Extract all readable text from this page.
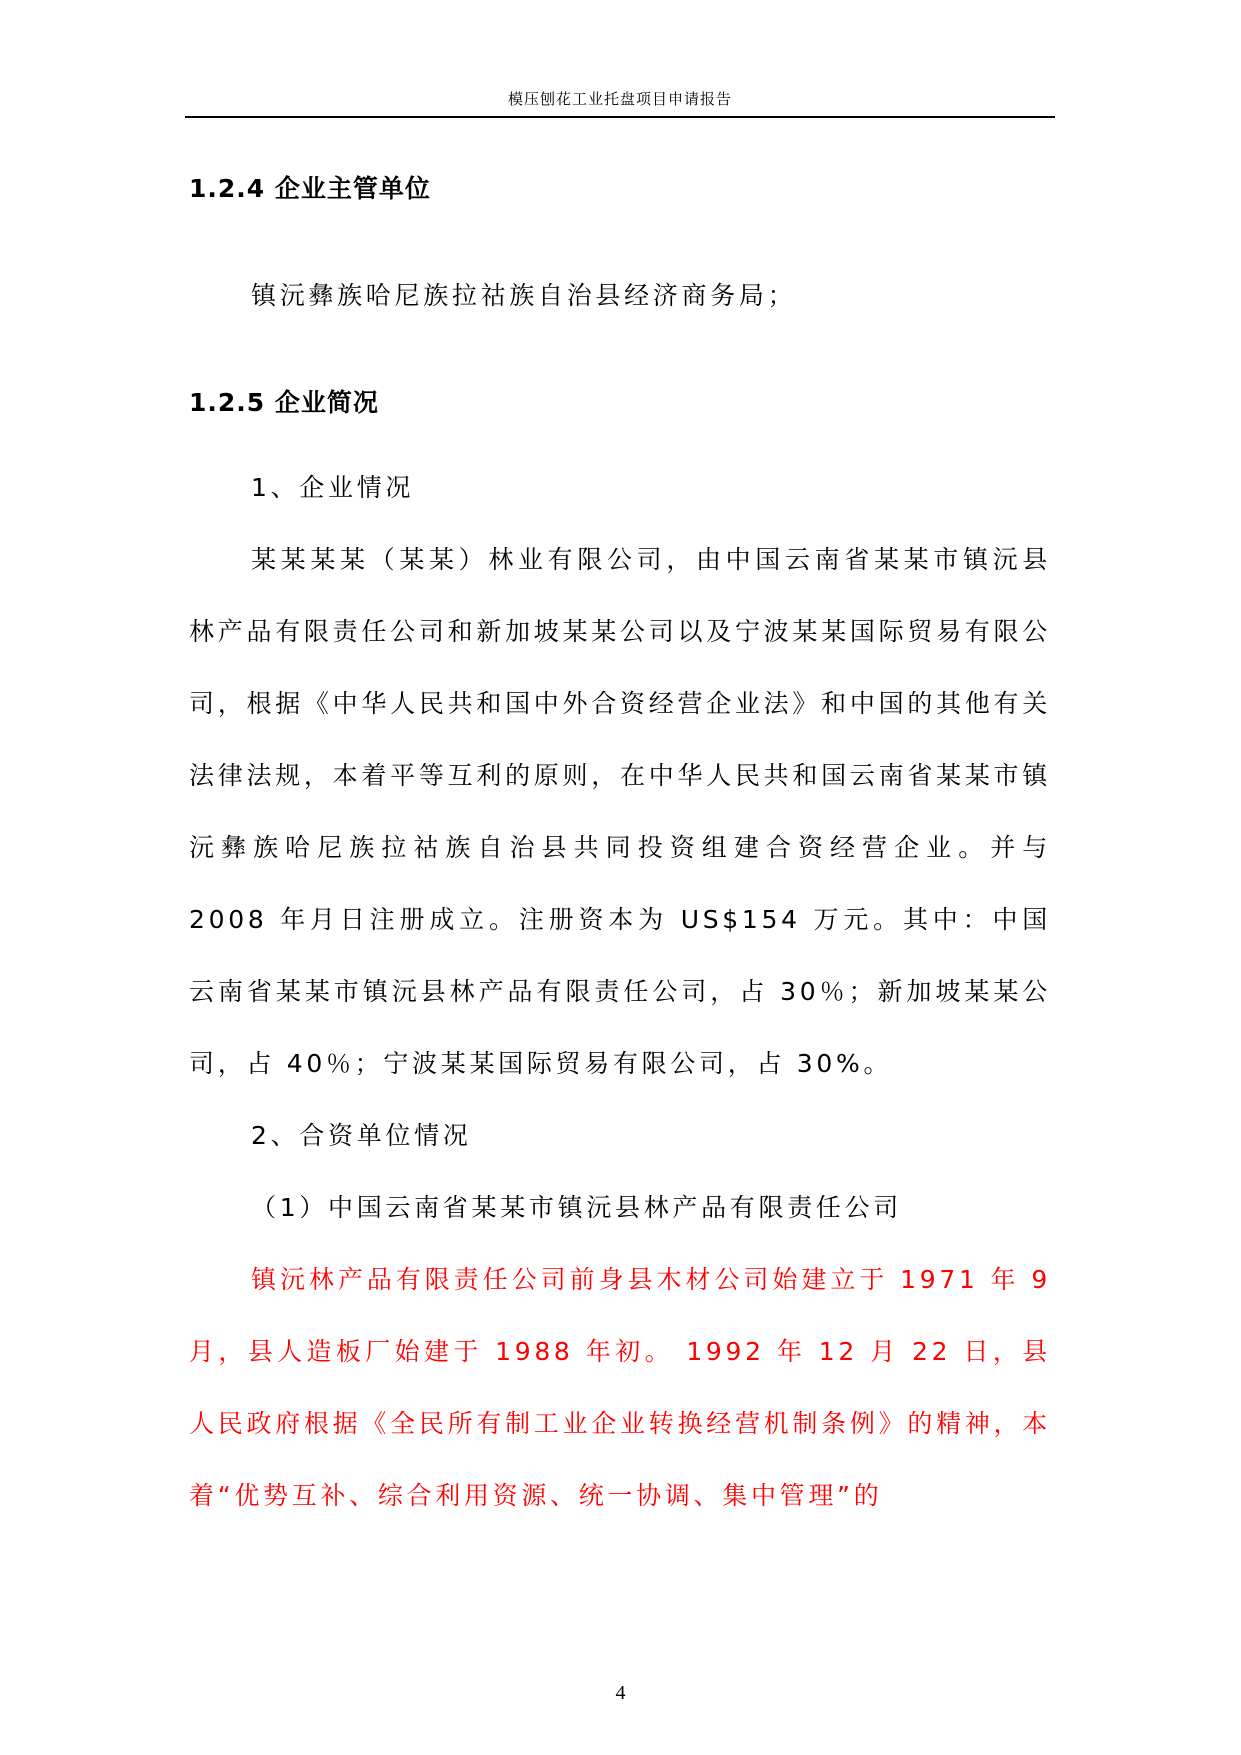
模压刨花工业托盘项目申请报告
1.2.4 企业主管单位

镇沅彝族哈尼族拉祜族自治县经济商务局；

1.2.5 企业简况
1、企业情况

某某某某（某某）林业有限公司，由中国云南省某某市镇沅县林产品有限责任公司和新加坡某某公司以及宁波某某国际贸易有限公司，根据《中华人民共和国中外合资经营企业法》和中国的其他有关法律法规，本着平等互利的原则，在中华人民共和国云南省某某市镇沅彝族哈尼族拉祜族自治县共同投资组建合资经营企业。并与 2008 年月日注册成立。注册资本为 US$154 万元。其中：中国云南省某某市镇沅县林产品有限责任公司，占 30％；新加坡某某公司，占 40％；宁波某某国际贸易有限公司，占 30%。

2、合资单位情况
（1）中国云南省某某市镇沅县林产品有限责任公司

镇沅林产品有限责任公司前身县木材公司始建立于 1971 年 9 月，县人造板厂始建于 1988 年初。 1992 年 12 月 22 日，县人民政府根据《全民所有制工业企业转换经营机制条例》的精神，本着“优势互补、综合利用资源、统一协调、集中管理”的

4
